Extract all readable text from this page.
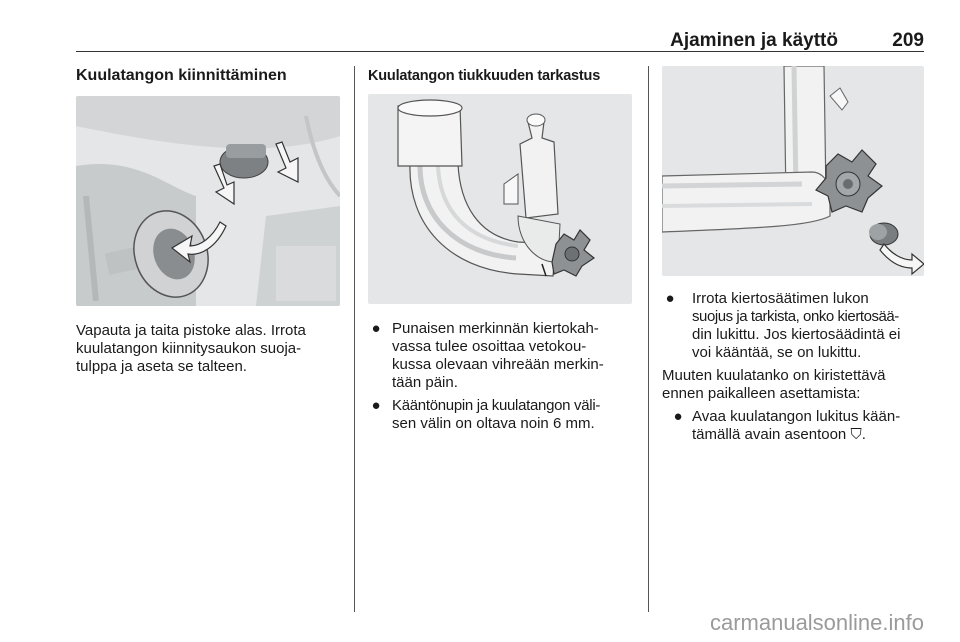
Ajaminen ja käyttö	209
Kuulatangon kiinnittäminen
Vapauta ja taita pistoke alas. Irrota
kuulatangon kiinnitysaukon suoja-
tulppa ja aseta se talteen.
Kuulatangon tiukkuuden tarkastus
● Punaisen merkinnän kiertokah-
vassa tulee osoittaa vetokou-
kussa olevaan vihreään merkin-
tään päin.
● Kääntönupin ja kuulatangon väli-
sen välin on oltava noin 6 mm.
● Irrota kiertosäätimen lukon
suojus ja tarkista, onko kiertosää-
din lukittu. Jos kiertosäädintä ei
voi kääntää, se on lukittu.
Muuten kuulatanko on kiristettävä
ennen paikalleen asettamista:
● Avaa kuulatangon lukitus kään-
tämällä avain asentoon ⛉.
carmanualsonline.info
